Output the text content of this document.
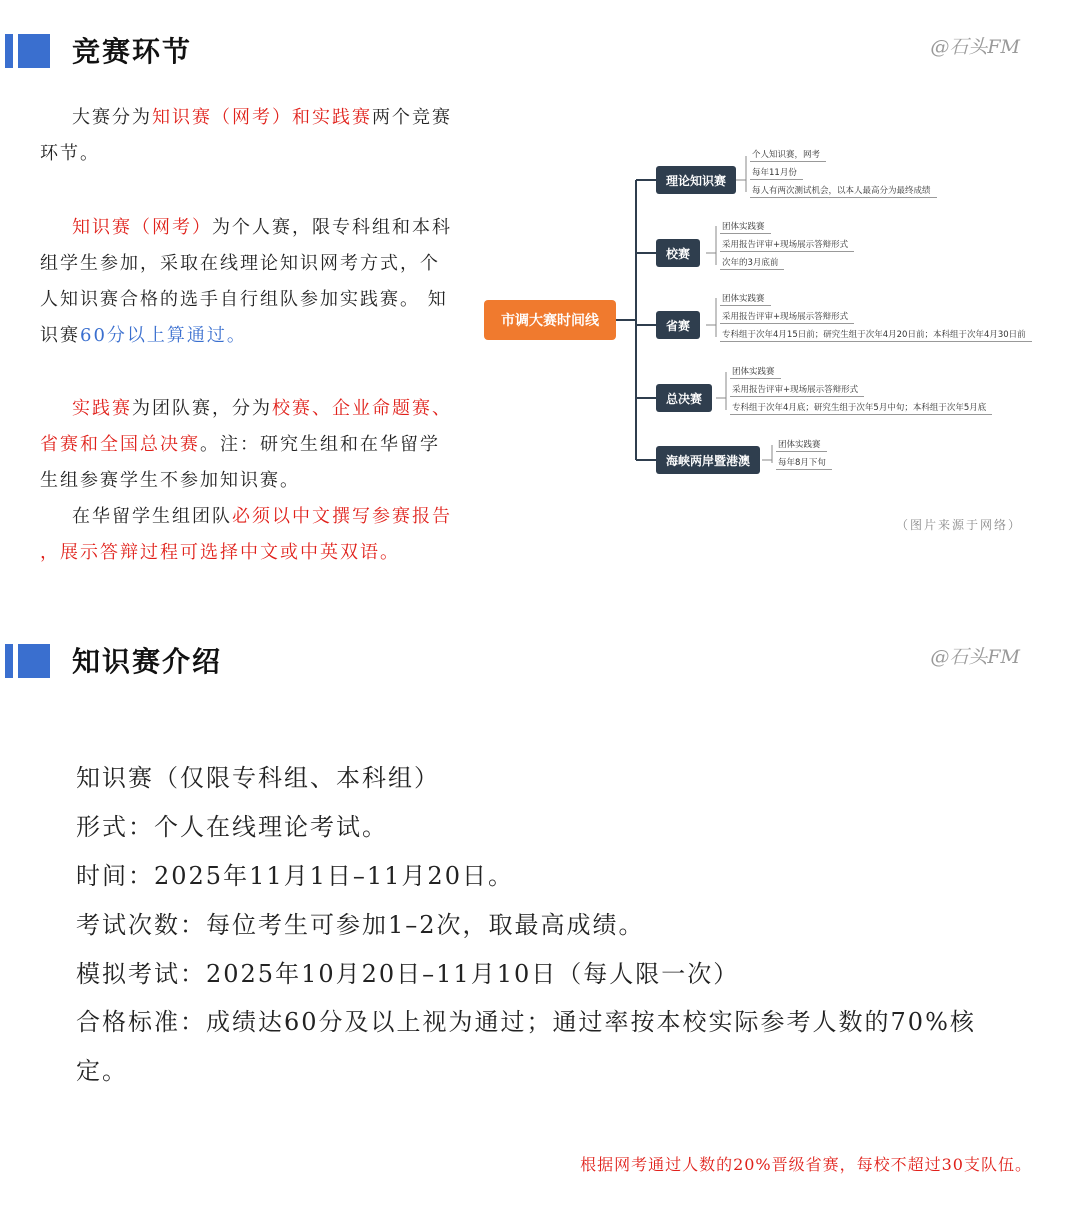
竞赛环节	@石头FM
大赛分为知识赛（网考）和实践赛两个竞赛
环节。
知识赛（网考）为个人赛，限专科组和本科
组学生参加，采取在线理论知识网考方式，个
人知识赛合格的选手自行组队参加实践赛。 知
识赛60分以上算通过。
实践赛为团队赛，分为校赛、企业命题赛、
省赛和全国总决赛。注：研究生组和在华留学
生组参赛学生不参加知识赛。
在华留学生组团队必须以中文撰写参赛报告
，展示答辩过程可选择中文或中英双语。
市调大赛时间线
理论知识赛
个人知识赛，网考
每年11月份
每人有两次测试机会，以本人最高分为最终成绩
校赛
团体实践赛
采用报告评审+现场展示答辩形式
次年的3月底前
省赛
团体实践赛
采用报告评审+现场展示答辩形式
专科组于次年4月15日前；研究生组于次年4月20日前；本科组于次年4月30日前
总决赛
团体实践赛
采用报告评审+现场展示答辩形式
专科组于次年4月底；研究生组于次年5月中旬；本科组于次年5月底
海峡两岸暨港澳
团体实践赛
每年8月下旬
（图片来源于网络）
知识赛介绍	@石头FM
知识赛（仅限专科组、本科组）
形式：个人在线理论考试。
时间：2025年11月1日–11月20日。
考试次数：每位考生可参加1–2次，取最高成绩。
模拟考试：2025年10月20日–11月10日（每人限一次）
合格标准：成绩达60分及以上视为通过；通过率按本校实际参考人数的70%核
定。
根据网考通过人数的20%晋级省赛，每校不超过30支队伍。
